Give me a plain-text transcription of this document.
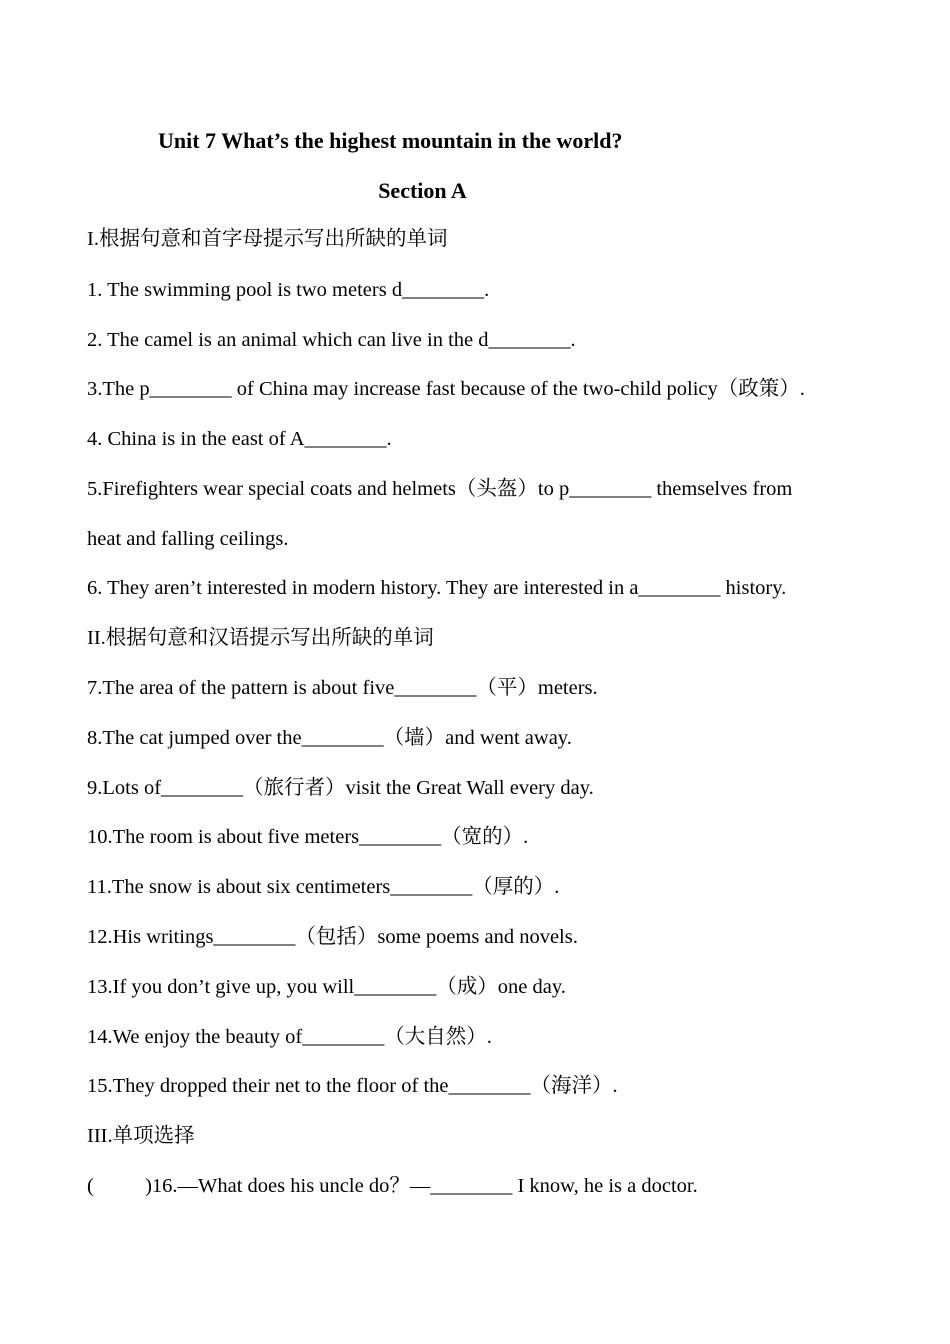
Unit 7 What’s the highest mountain in the world?
Section A
I.根据句意和首字母提示写出所缺的单词
1. The swimming pool is two meters d________.
2. The camel is an animal which can live in the d________.
3.The p________ of China may increase fast because of the two-child policy（政策）.
4. China is in the east of A________.
5.Firefighters wear special coats and helmets（头盔）to p________ themselves from
heat and falling ceilings.
6. They aren’t interested in modern history. They are interested in a________ history.
II.根据句意和汉语提示写出所缺的单词
7.The area of the pattern is about five________（平）meters.
8.The cat jumped over the________（墙）and went away.
9.Lots of________（旅行者）visit the Great Wall every day.
10.The room is about five meters________（宽的）.
11.The snow is about six centimeters________（厚的）.
12.His writings________（包括）some poems and novels.
13.If you don’t give up, you will________（成）one day.
14.We enjoy the beauty of________（大自然）.
15.They dropped their net to the floor of the________（海洋）.
III.单项选择
(          )16.—What does his uncle do？—________ I know, he is a doctor.
